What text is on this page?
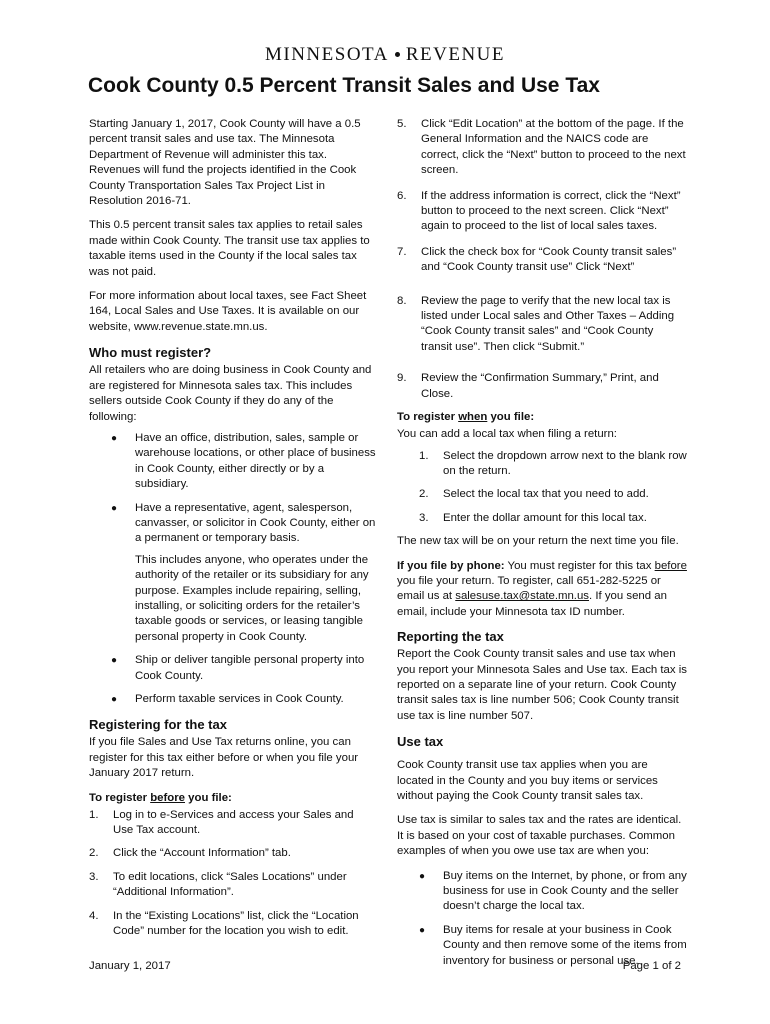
MINNESOTA REVENUE
Cook County 0.5 Percent Transit Sales and Use Tax

Starting January 1, 2017, Cook County will have a 0.5 percent transit sales and use tax. The Minnesota Department of Revenue will administer this tax. Revenues will fund the projects identified in the Cook County Transportation Sales Tax Project List in Resolution 2016-71.

This 0.5 percent transit sales tax applies to retail sales made within Cook County. The transit use tax applies to taxable items used in the County if the local sales tax was not paid.

For more information about local taxes, see Fact Sheet 164, Local Sales and Use Taxes. It is available on our website, www.revenue.state.mn.us.

Who must register?

All retailers who are doing business in Cook County and are registered for Minnesota sales tax. This includes sellers outside Cook County if they do any of the following:

●	Have an office, distribution, sales, sample or warehouse locations, or other place of business in Cook County, either directly or by a subsidiary.
●	Have a representative, agent, salesperson, canvasser, or solicitor in Cook County, either on a permanent or temporary basis.

This includes anyone, who operates under the authority of the retailer or its subsidiary for any purpose. Examples include repairing, selling, installing, or soliciting orders for the retailer’s taxable goods or services, or leasing tangible personal property in Cook County.

●	Ship or deliver tangible personal property into Cook County.
●	Perform taxable services in Cook County.
Registering for the tax

If you file Sales and Use Tax returns online, you can register for this tax either before or when you file your January 2017 return.

To register before you file:
1.	Log in to e-Services and access your Sales and Use Tax account.
2.	Click the “Account Information” tab.
3.	To edit locations, click “Sales Locations” under “Additional Information”.
4.	In the “Existing Locations” list, click the “Location Code” number for the location you wish to edit.
5.	Click “Edit Location” at the bottom of the page. If the General Information and the NAICS code are correct, click the “Next” button to proceed to the next screen.
6.	If the address information is correct, click the “Next” button to proceed to the next screen. Click “Next” again to proceed to the list of local sales taxes.
7.	Click the check box for “Cook County transit sales” and “Cook County transit use” Click “Next”
8.	Review the page to verify that the new local tax is listed under Local sales and Other Taxes – Adding “Cook County transit sales” and “Cook County transit use”. Then click “Submit.”
9.	Review the “Confirmation Summary,” Print, and Close.
To register when you file:

You can add a local tax when filing a return:

1.	Select the dropdown arrow next to the blank row on the return.
2.	Select the local tax that you need to add.
3.	Enter the dollar amount for this local tax.

The new tax will be on your return the next time you file.

If you file by phone: You must register for this tax before you file your return. To register, call 651-282-5225 or email us at salesuse.tax@state.mn.us. If you send an email, include your Minnesota tax ID number.

Reporting the tax

Report the Cook County transit sales and use tax when you report your Minnesota Sales and Use tax. Each tax is reported on a separate line of your return. Cook County transit sales tax is line number 506; Cook County transit use tax is line number 507.

Use tax

Cook County transit use tax applies when you are located in the County and you buy items or services without paying the Cook County transit sales tax.

Use tax is similar to sales tax and the rates are identical. It is based on your cost of taxable purchases. Common examples of when you owe use tax are when you:

●	Buy items on the Internet, by phone, or from any business for use in Cook County and the seller doesn’t charge the local tax.
●	Buy items for resale at your business in Cook County and then remove some of the items from inventory for business or personal use.
January 1, 2017	Page 1 of 2
